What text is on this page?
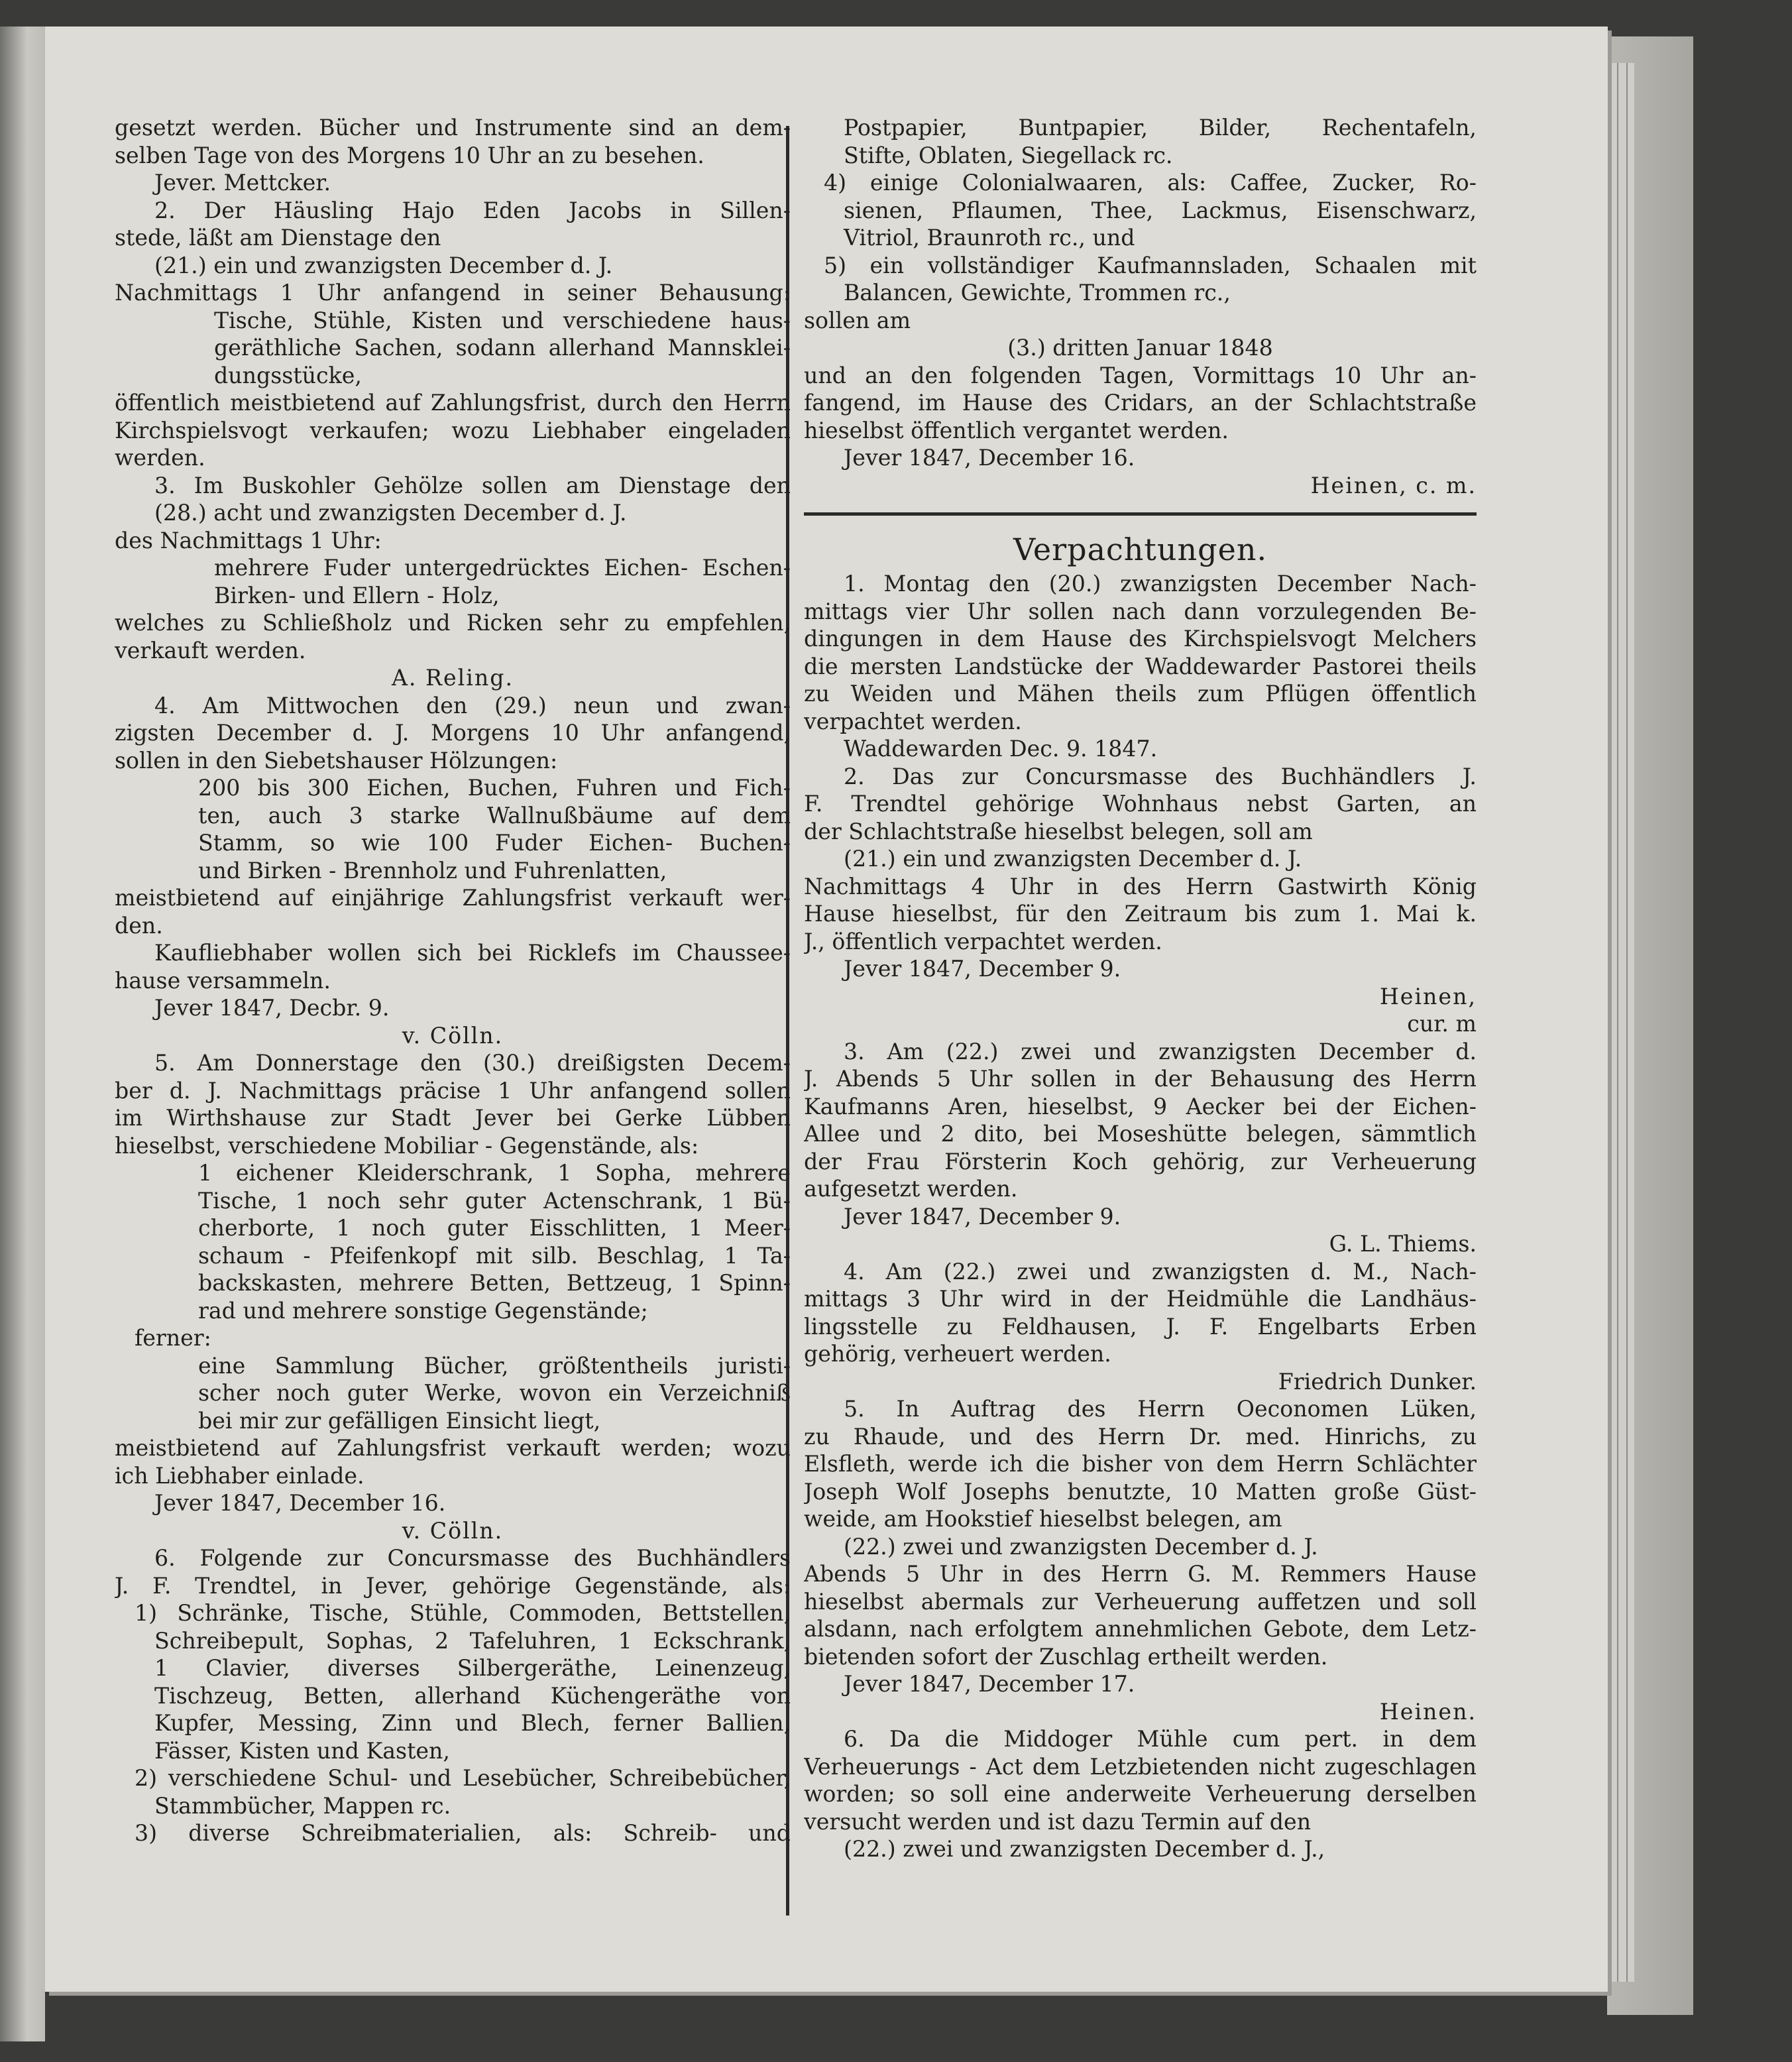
gesetzt werden. Bücher und Instrumente sind an dem-
selben Tage von des Morgens 10 Uhr an zu besehen.
Jever. Mettcker.
2. Der Häusling Hajo Eden Jacobs in Sillen-
stede, läßt am Dienstage den
(21.) ein und zwanzigsten December d. J.
Nachmittags 1 Uhr anfangend in seiner Behausung:
Tische, Stühle, Kisten und verschiedene haus-
geräthliche Sachen, sodann allerhand Mannsklei-
dungsstücke,
öffentlich meistbietend auf Zahlungsfrist, durch den Herrn
Kirchspielsvogt verkaufen; wozu Liebhaber eingeladen
werden.
3. Im Buskohler Gehölze sollen am Dienstage den
(28.) acht und zwanzigsten December d. J.
des Nachmittags 1 Uhr:
mehrere Fuder untergedrücktes Eichen- Eschen-
Birken- und Ellern - Holz,
welches zu Schließholz und Ricken sehr zu empfehlen,
verkauft werden.
A. Reling.
4. Am Mittwochen den (29.) neun und zwan-
zigsten December d. J. Morgens 10 Uhr anfangend,
sollen in den Siebetshauser Hölzungen:
200 bis 300 Eichen, Buchen, Fuhren und Fich-
ten, auch 3 starke Wallnußbäume auf dem
Stamm, so wie 100 Fuder Eichen- Buchen-
und Birken - Brennholz und Fuhrenlatten,
meistbietend auf einjährige Zahlungsfrist verkauft wer-
den.
Kaufliebhaber wollen sich bei Ricklefs im Chaussee-
hause versammeln.
Jever 1847, Decbr. 9.
v. Cölln.
5. Am Donnerstage den (30.) dreißigsten Decem-
ber d. J. Nachmittags präcise 1 Uhr anfangend sollen
im Wirthshause zur Stadt Jever bei Gerke Lübben
hieselbst, verschiedene Mobiliar - Gegenstände, als:
1 eichener Kleiderschrank, 1 Sopha, mehrere
Tische, 1 noch sehr guter Actenschrank, 1 Bü-
cherborte, 1 noch guter Eisschlitten, 1 Meer-
schaum - Pfeifenkopf mit silb. Beschlag, 1 Ta-
backskasten, mehrere Betten, Bettzeug, 1 Spinn-
rad und mehrere sonstige Gegenstände;
ferner:
eine Sammlung Bücher, größtentheils juristi-
scher noch guter Werke, wovon ein Verzeichniß
bei mir zur gefälligen Einsicht liegt,
meistbietend auf Zahlungsfrist verkauft werden; wozu
ich Liebhaber einlade.
Jever 1847, December 16.
v. Cölln.
6. Folgende zur Concursmasse des Buchhändlers
J. F. Trendtel, in Jever, gehörige Gegenstände, als:
1) Schränke, Tische, Stühle, Commoden, Bettstellen,
Schreibepult, Sophas, 2 Tafeluhren, 1 Eckschrank,
1 Clavier, diverses Silbergeräthe, Leinenzeug,
Tischzeug, Betten, allerhand Küchengeräthe von
Kupfer, Messing, Zinn und Blech, ferner Ballien,
Fässer, Kisten und Kasten,
2) verschiedene Schul- und Lesebücher, Schreibebücher,
Stammbücher, Mappen rc.
3) diverse Schreibmaterialien, als: Schreib- und
Postpapier, Buntpapier, Bilder, Rechentafeln,
Stifte, Oblaten, Siegellack rc.
4) einige Colonialwaaren, als: Caffee, Zucker, Ro-
sienen, Pflaumen, Thee, Lackmus, Eisenschwarz,
Vitriol, Braunroth rc., und
5) ein vollständiger Kaufmannsladen, Schaalen mit
Balancen, Gewichte, Trommen rc.,
sollen am
(3.) dritten Januar 1848
und an den folgenden Tagen, Vormittags 10 Uhr an-
fangend, im Hause des Cridars, an der Schlachtstraße
hieselbst öffentlich vergantet werden.
Jever 1847, December 16.
Heinen, c. m.
Verpachtungen.
1. Montag den (20.) zwanzigsten December Nach-
mittags vier Uhr sollen nach dann vorzulegenden Be-
dingungen in dem Hause des Kirchspielsvogt Melchers
die mersten Landstücke der Waddewarder Pastorei theils
zu Weiden und Mähen theils zum Pflügen öffentlich
verpachtet werden.
Waddewarden Dec. 9. 1847.
2. Das zur Concursmasse des Buchhändlers J.
F. Trendtel gehörige Wohnhaus nebst Garten, an
der Schlachtstraße hieselbst belegen, soll am
(21.) ein und zwanzigsten December d. J.
Nachmittags 4 Uhr in des Herrn Gastwirth König
Hause hieselbst, für den Zeitraum bis zum 1. Mai k.
J., öffentlich verpachtet werden.
Jever 1847, December 9.
Heinen,
cur. m
3. Am (22.) zwei und zwanzigsten December d.
J. Abends 5 Uhr sollen in der Behausung des Herrn
Kaufmanns Aren, hieselbst, 9 Aecker bei der Eichen-
Allee und 2 dito, bei Moseshütte belegen, sämmtlich
der Frau Försterin Koch gehörig, zur Verheuerung
aufgesetzt werden.
Jever 1847, December 9.
G. L. Thiems.
4. Am (22.) zwei und zwanzigsten d. M., Nach-
mittags 3 Uhr wird in der Heidmühle die Landhäus-
lingsstelle zu Feldhausen, J. F. Engelbarts Erben
gehörig, verheuert werden.
Friedrich Dunker.
5. In Auftrag des Herrn Oeconomen Lüken,
zu Rhaude, und des Herrn Dr. med. Hinrichs, zu
Elsfleth, werde ich die bisher von dem Herrn Schlächter
Joseph Wolf Josephs benutzte, 10 Matten große Güst-
weide, am Hookstief hieselbst belegen, am
(22.) zwei und zwanzigsten December d. J.
Abends 5 Uhr in des Herrn G. M. Remmers Hause
hieselbst abermals zur Verheuerung auffetzen und soll
alsdann, nach erfolgtem annehmlichen Gebote, dem Letz-
bietenden sofort der Zuschlag ertheilt werden.
Jever 1847, December 17.
Heinen.
6. Da die Middoger Mühle cum pert. in dem
Verheuerungs - Act dem Letzbietenden nicht zugeschlagen
worden; so soll eine anderweite Verheuerung derselben
versucht werden und ist dazu Termin auf den
(22.) zwei und zwanzigsten December d. J.,
